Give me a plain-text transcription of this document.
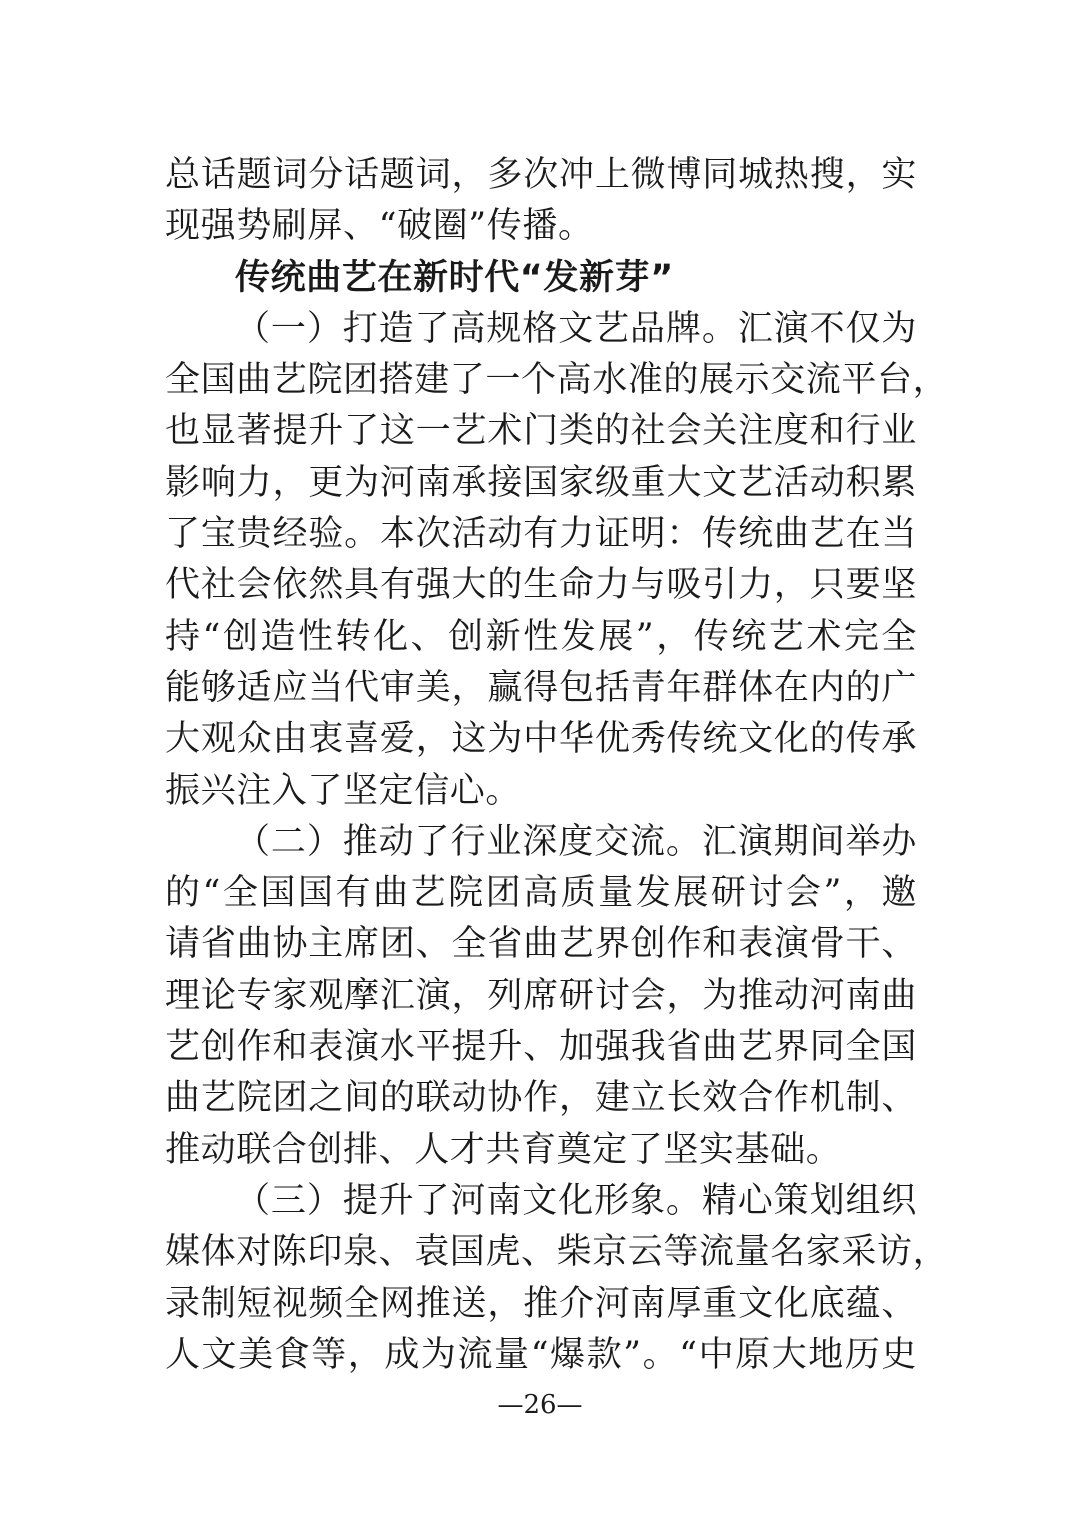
总话题词分话题词，多次冲上微博同城热搜，实
现强势刷屏、“破圈”传播。
传统曲艺在新时代“发新芽”
（一）打造了高规格文艺品牌。汇演不仅为
全国曲艺院团搭建了一个高水准的展示交流平台，
也显著提升了这一艺术门类的社会关注度和行业
影响力，更为河南承接国家级重大文艺活动积累
了宝贵经验。本次活动有力证明：传统曲艺在当
代社会依然具有强大的生命力与吸引力，只要坚
持“创造性转化、创新性发展”，传统艺术完全
能够适应当代审美，赢得包括青年群体在内的广
大观众由衷喜爱，这为中华优秀传统文化的传承
振兴注入了坚定信心。
（二）推动了行业深度交流。汇演期间举办
的“全国国有曲艺院团高质量发展研讨会”，邀
请省曲协主席团、全省曲艺界创作和表演骨干、
理论专家观摩汇演，列席研讨会，为推动河南曲
艺创作和表演水平提升、加强我省曲艺界同全国
曲艺院团之间的联动协作，建立长效合作机制、
推动联合创排、人才共育奠定了坚实基础。
（三）提升了河南文化形象。精心策划组织
媒体对陈印泉、袁国虎、柴京云等流量名家采访，
录制短视频全网推送，推介河南厚重文化底蕴、
人文美食等，成为流量“爆款”。“中原大地历史
—26—
